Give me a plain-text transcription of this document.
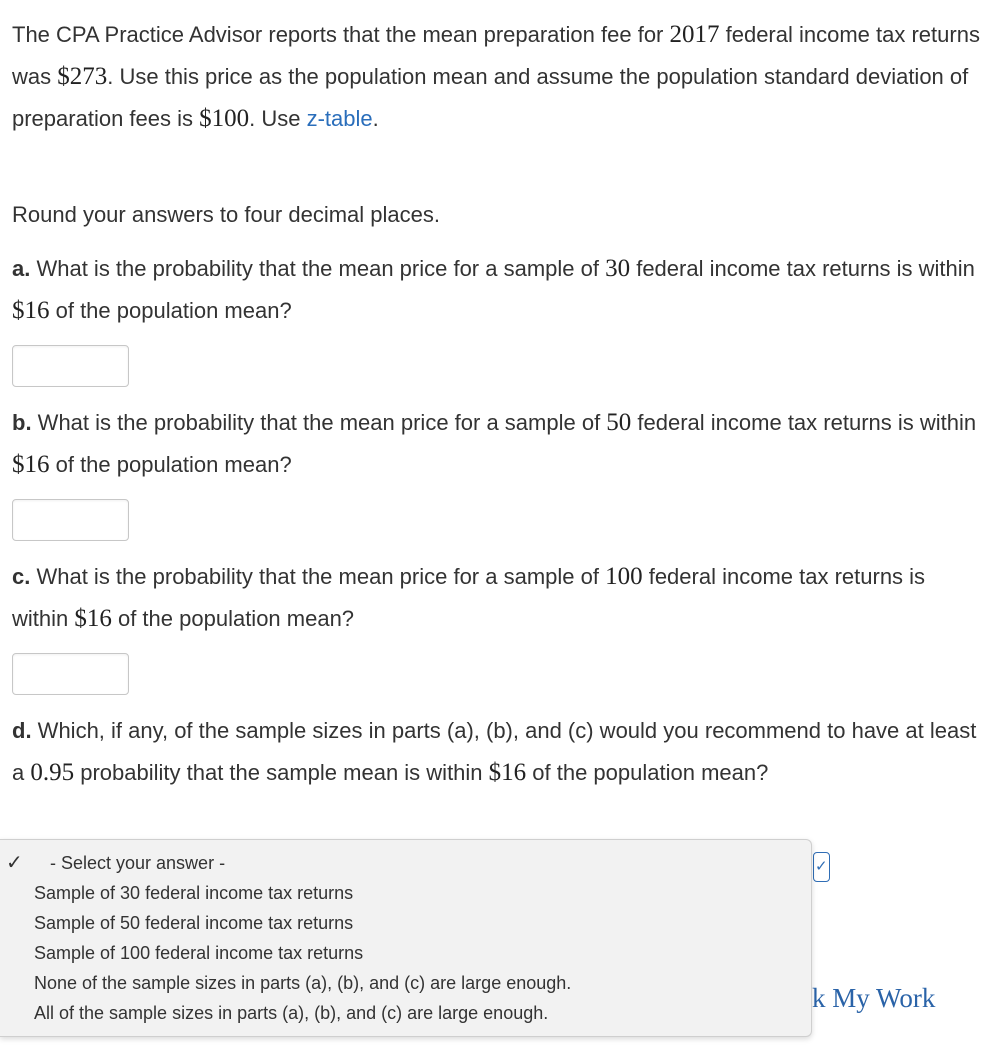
The CPA Practice Advisor reports that the mean preparation fee for 2017 federal income tax returns was $273. Use this price as the population mean and assume the population standard deviation of preparation fees is $100. Use z-table.

Round your answers to four decimal places.

a. What is the probability that the mean price for a sample of 30 federal income tax returns is within $16 of the population mean?

b. What is the probability that the mean price for a sample of 50 federal income tax returns is within $16 of the population mean?

c. What is the probability that the mean price for a sample of 100 federal income tax returns is within $16 of the population mean?

d. Which, if any, of the sample sizes in parts (a), (b), and (c) would you recommend to have at least a 0.95 probability that the sample mean is within $16 of the population mean?

k My Work
✓
✓ - Select your answer -
Sample of 30 federal income tax returns
Sample of 50 federal income tax returns
Sample of 100 federal income tax returns
None of the sample sizes in parts (a), (b), and (c) are large enough.
All of the sample sizes in parts (a), (b), and (c) are large enough.
